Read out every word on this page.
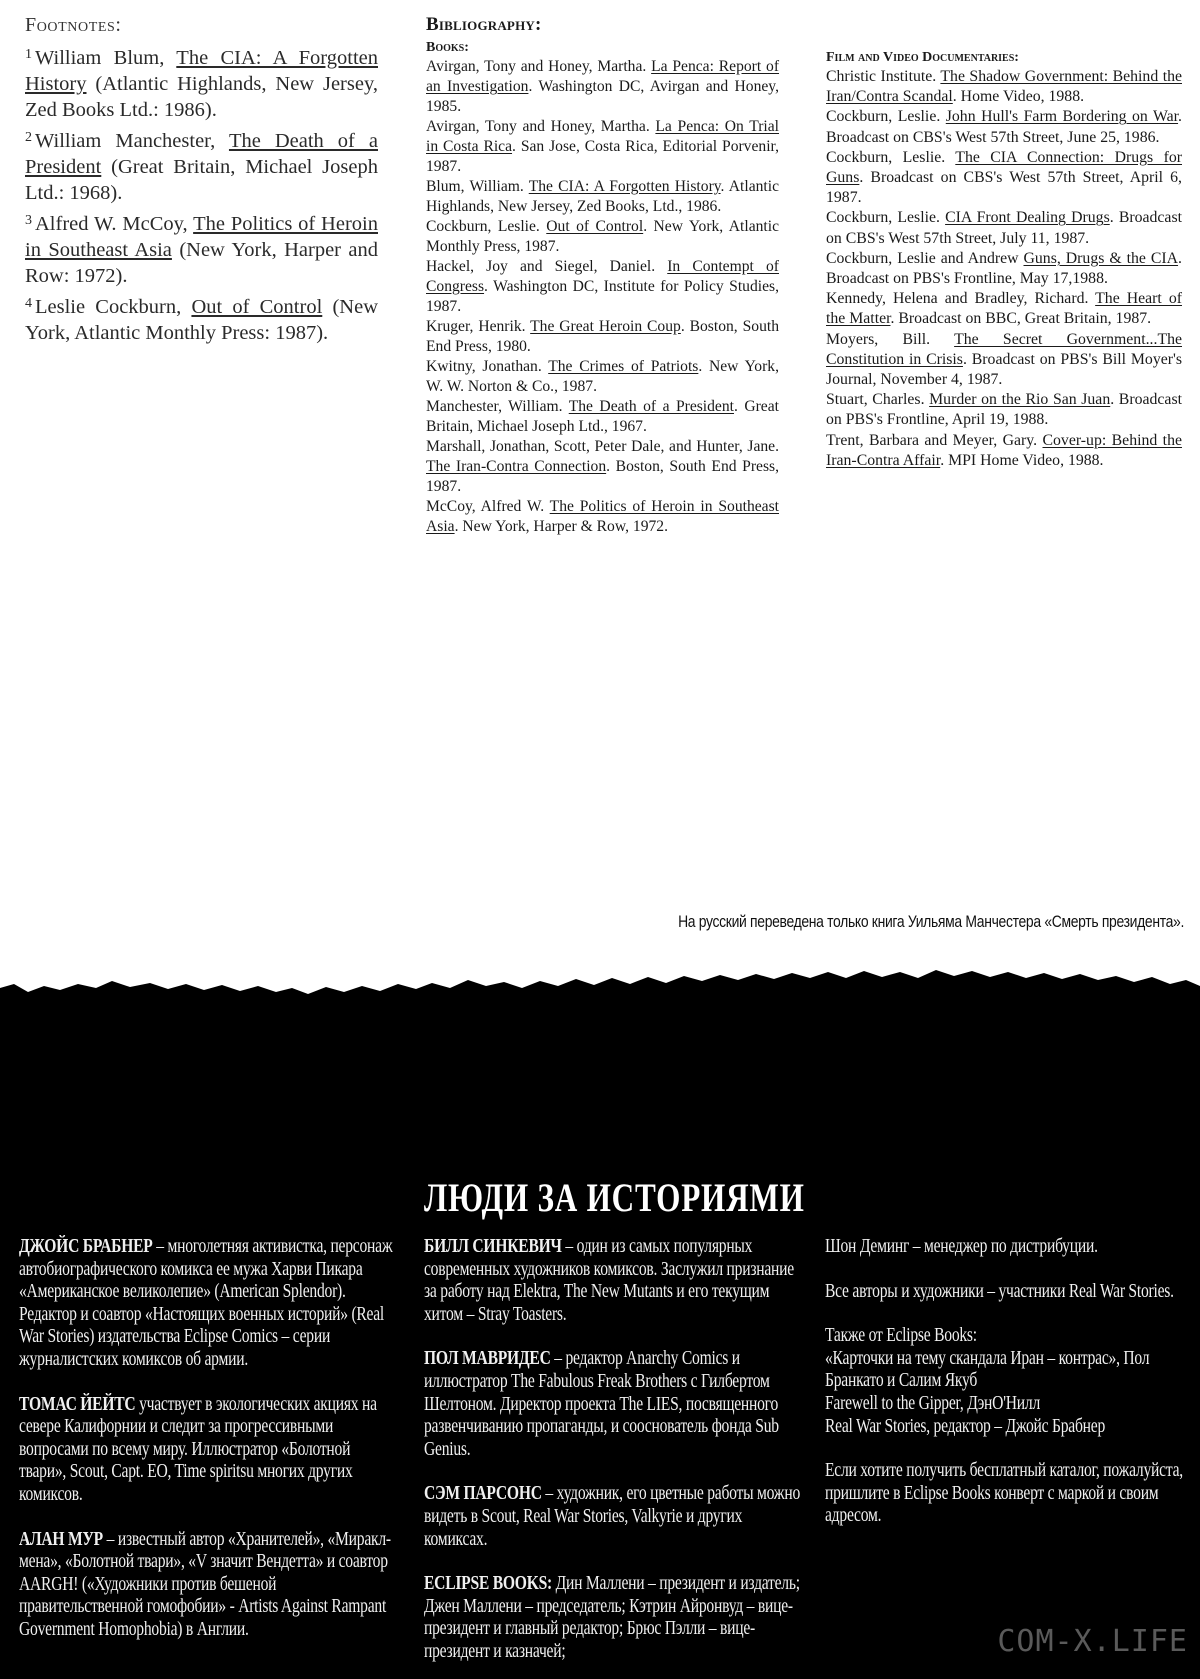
Footnotes:
$^1$ William Blum, The CIA: A Forgotten History (Atlantic Highlands, New Jersey, Zed Books Ltd.: 1986).
$^2$ William Manchester, The Death of a President (Great Britain, Michael Joseph Ltd.: 1968).
$^3$ Alfred W. McCoy, The Politics of Heroin in Southeast Asia (New York, Harper and Row: 1972).
$^4$ Leslie Cockburn, Out of Control (New York, Atlantic Monthly Press: 1987).
Bibliography:
Books:
Avirgan, Tony and Honey, Martha. La Penca: Report of an Investigation. Washington DC, Avirgan and Honey, 1985.
Avirgan, Tony and Honey, Martha. La Penca: On Trial in Costa Rica. San Jose, Costa Rica, Editorial Porvenir, 1987.
Blum, William. The CIA: A Forgotten History. Atlantic Highlands, New Jersey, Zed Books, Ltd., 1986.
Cockburn, Leslie. Out of Control. New York, Atlantic Monthly Press, 1987.
Hackel, Joy and Siegel, Daniel. In Contempt of Congress. Washington DC, Institute for Policy Studies, 1987.
Kruger, Henrik. The Great Heroin Coup. Boston, South End Press, 1980.
Kwitny, Jonathan. The Crimes of Patriots. New York, W. W. Norton & Co., 1987.
Manchester, William. The Death of a President. Great Britain, Michael Joseph Ltd., 1967.
Marshall, Jonathan, Scott, Peter Dale, and Hunter, Jane. The Iran-Contra Connection. Boston, South End Press, 1987.
McCoy, Alfred W. The Politics of Heroin in Southeast Asia. New York, Harper & Row, 1972.
Film and Video Documentaries:
Christic Institute. The Shadow Government: Behind the Iran/Contra Scandal. Home Video, 1988.
Cockburn, Leslie. John Hull's Farm Bordering on War. Broadcast on CBS's West 57th Street, June 25, 1986.
Cockburn, Leslie. The CIA Connection: Drugs for Guns. Broadcast on CBS's West 57th Street, April 6, 1987.
Cockburn, Leslie. CIA Front Dealing Drugs. Broadcast on CBS's West 57th Street, July 11, 1987.
Cockburn, Leslie and Andrew Guns, Drugs & the CIA. Broadcast on PBS's Frontline, May 17,1988.
Kennedy, Helena and Bradley, Richard. The Heart of the Matter. Broadcast on BBC, Great Britain, 1987.
Moyers, Bill. The Secret Government...The Constitution in Crisis. Broadcast on PBS's Bill Moyer's Journal, November 4, 1987.
Stuart, Charles. Murder on the Rio San Juan. Broadcast on PBS's Frontline, April 19, 1988.
Trent, Barbara and Meyer, Gary. Cover-up: Behind the Iran-Contra Affair. MPI Home Video, 1988.
На русский переведена только книга Уильяма Манчестера «Смерть президента».
ЛЮДИ ЗА ИСТОРИЯМИ
ДЖОЙС БРАБНЕР – многолетняя активистка, персонаж автобиографического комикса ее мужа Харви Пикара «Американское великолепие» (American Splendor). Редактор и соавтор «Настоящих военных историй» (Real War Stories) издательства Eclipse Comics – серии журналистских комиксов об армии.
ТОМАС ЙЕЙТС участвует в экологических акциях на севере Калифорнии и следит за прогрессивными вопросами по всему миру. Иллюстратор «Болотной твари», Scout, Capt. EO, Time spiritsu многих других комиксов.
АЛАН МУР – известный автор «Хранителей», «Мираклмена», «Болотной твари», «V значит Вендетта» и соавтор AARGH! («Художники против бешеной правительственной гомофобии» - Artists Against Rampant Government Homophobia) в Англии.
БИЛЛ СИНКЕВИЧ – один из самых популярных современных художников комиксов. Заслужил признание за работу над Elektra, The New Mutants и его текущим хитом – Stray Toasters.
ПОЛ МАВРИДЕС – редактор Anarchy Comics и иллюстратор The Fabulous Freak Brothers с Гилбертом Шелтоном. Директор проекта The LIES, посвященного развенчиванию пропаганды, и сооснователь фонда Sub Genius.
СЭМ ПАРСОНС – художник, его цветные работы можно видеть в Scout, Real War Stories, Valkyrie и других комиксах.
ECLIPSE BOOKS: Дин Маллени – президент и издатель; Джен Маллени – председатель; Кэтрин Айронвуд – вице-президент и главный редактор; Брюс Пэлли – вице-президент и казначей;
Шон Деминг – менеджер по дистрибуции.
Все авторы и художники – участники Real War Stories.
Также от Eclipse Books:
«Карточки на тему скандала Иран – контрас», Пол Бранкато и Салим Якуб
Farewell to the Gipper, ДэнО'Нилл
Real War Stories, редактор – Джойс Брабнер
Если хотите получить бесплатный каталог, пожалуйста, пришлите в Eclipse Books конверт с маркой и своим адресом.
COM-X.LIFE
